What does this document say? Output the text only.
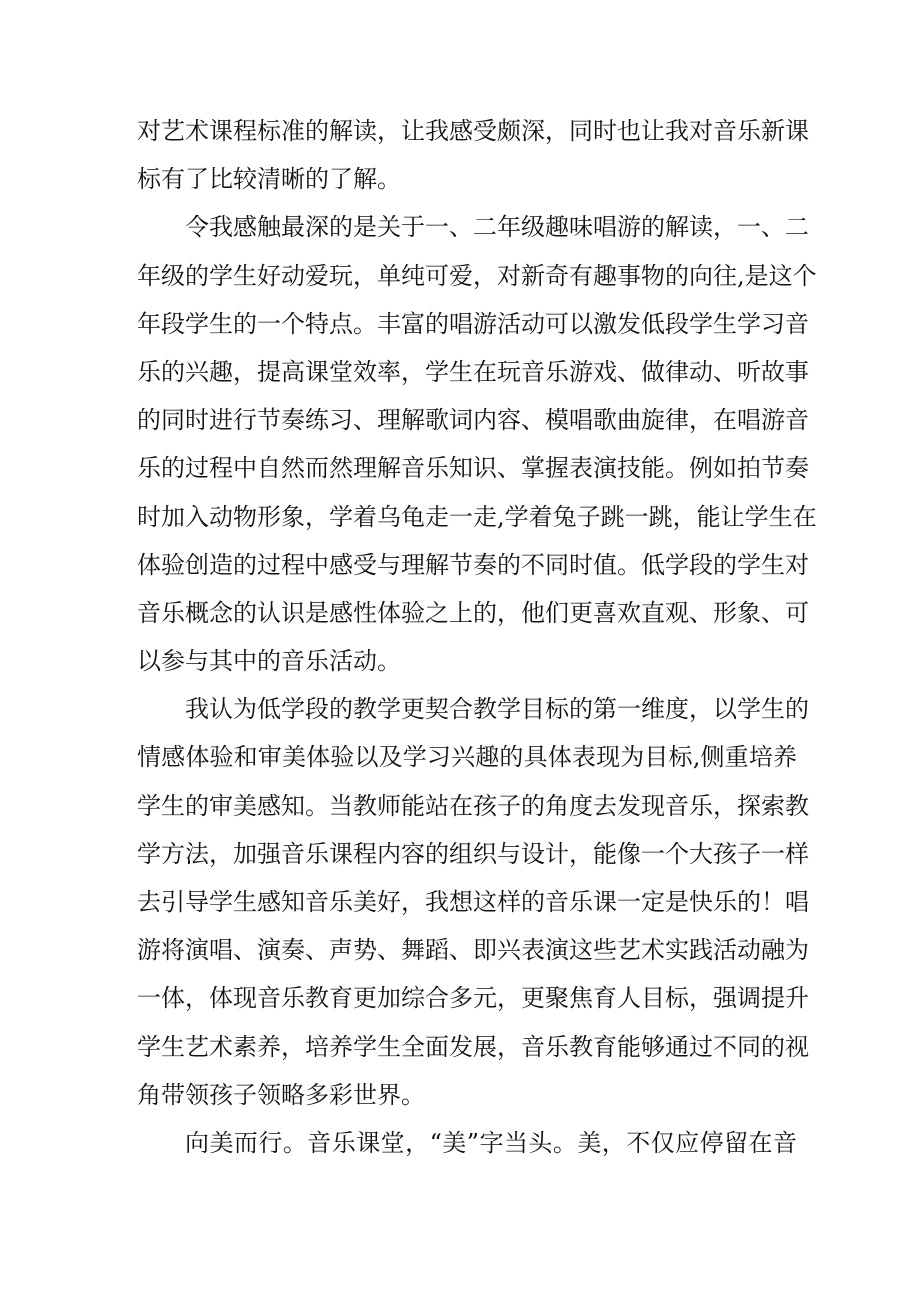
对艺术课程标准的解读，让我感受颇深，同时也让我对音乐新课
标有了比较清晰的了解。
令我感触最深的是关于一、二年级趣味唱游的解读，一、二
年级的学生好动爱玩，单纯可爱，对新奇有趣事物的向往,是这个
年段学生的一个特点。丰富的唱游活动可以激发低段学生学习音
乐的兴趣，提高课堂效率，学生在玩音乐游戏、做律动、听故事
的同时进行节奏练习、理解歌词内容、模唱歌曲旋律，在唱游音
乐的过程中自然而然理解音乐知识、掌握表演技能。例如拍节奏
时加入动物形象，学着乌龟走一走,学着兔子跳一跳，能让学生在
体验创造的过程中感受与理解节奏的不同时值。低学段的学生对
音乐概念的认识是感性体验之上的，他们更喜欢直观、形象、可
以参与其中的音乐活动。
我认为低学段的教学更契合教学目标的第一维度，以学生的
情感体验和审美体验以及学习兴趣的具体表现为目标,侧重培养
学生的审美感知。当教师能站在孩子的角度去发现音乐，探索教
学方法，加强音乐课程内容的组织与设计，能像一个大孩子一样
去引导学生感知音乐美好，我想这样的音乐课一定是快乐的！唱
游将演唱、演奏、声势、舞蹈、即兴表演这些艺术实践活动融为
一体，体现音乐教育更加综合多元，更聚焦育人目标，强调提升
学生艺术素养，培养学生全面发展，音乐教育能够通过不同的视
角带领孩子领略多彩世界。
向美而行。音乐课堂，“美”字当头。美，不仅应停留在音
